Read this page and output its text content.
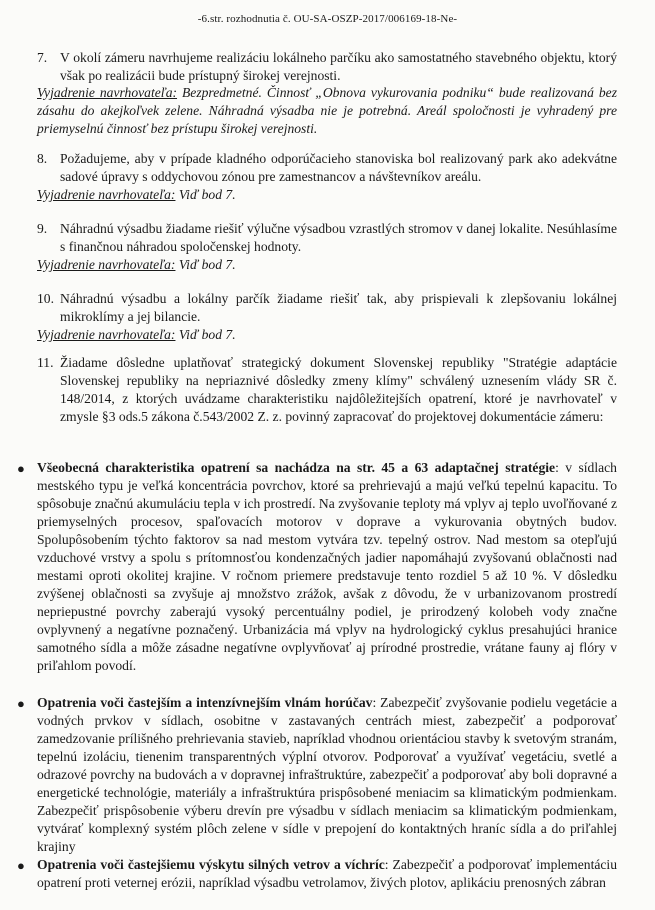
-6.str. rozhodnutia č. OU-SA-OSZP-2017/006169-18-Ne-
7. V okolí zámeru navrhujeme realizáciu lokálneho parčíku ako samostatného stavebného objektu, ktorý však po realizácii bude prístupný širokej verejnosti.
Vyjadrenie navrhovateľa: Bezpredmetné. Činnosť „Obnova vykurovania podniku“ bude realizovaná bez zásahu do akejkoľvek zelene. Náhradná výsadba nie je potrebná. Areál spoločnosti je vyhradený pre priemyselnú činnosť bez prístupu širokej verejnosti.
8. Požadujeme, aby v prípade kladného odporúčacieho stanoviska bol realizovaný park ako adekvátne sadové úpravy s oddychovou zónou pre zamestnancov a návštevníkov areálu.
Vyjadrenie navrhovateľa: Viď bod 7.
9. Náhradnú výsadbu žiadame riešiť výlučne výsadbou vzrastlých stromov v danej lokalite. Nesúhlasíme s finančnou náhradou spoločenskej hodnoty.
Vyjadrenie navrhovateľa: Viď bod 7.
10. Náhradnú výsadbu a lokálny parčík žiadame riešiť tak, aby prispievali k zlepšovaniu lokálnej mikroklímy a jej bilancie.
Vyjadrenie navrhovateľa: Viď bod 7.
11. Žiadame dôsledne uplatňovať strategický dokument Slovenskej republiky "Stratégie adaptácie Slovenskej republiky na nepriaznivé dôsledky zmeny klímy" schválený uznesením vlády SR č. 148/2014, z ktorých uvádzame charakteristiku najdôležitejších opatrení, ktoré je navrhovateľ v zmysle §3 ods.5 zákona č.543/2002 Z. z. povinný zapracovať do projektovej dokumentácie zámeru:
● Všeobecná charakteristika opatrení sa nachádza na str. 45 a 63 adaptačnej stratégie: v sídlach mestského typu je veľká koncentrácia povrchov, ktoré sa prehrievajú a majú veľkú tepelnú kapacitu. To spôsobuje značnú akumuláciu tepla v ich prostredí. Na zvyšovanie teploty má vplyv aj teplo uvoľňované z priemyselných procesov, spaľovacích motorov v doprave a vykurovania obytných budov. Spolupôsobením týchto faktorov sa nad mestom vytvára tzv. tepelný ostrov. Nad mestom sa otepľujú vzduchové vrstvy a spolu s prítomnosťou kondenzačných jadier napomáhajú zvyšovanú oblačnosti nad mestami oproti okolitej krajine. V ročnom priemere predstavuje tento rozdiel 5 až 10 %. V dôsledku zvýšenej oblačnosti sa zvyšuje aj množstvo zrážok, avšak z dôvodu, že v urbanizovanom prostredí nepriepustné povrchy zaberajú vysoký percentuálny podiel, je prirodzený kolobeh vody značne ovplyvnený a negatívne poznačený. Urbanizácia má vplyv na hydrologický cyklus presahujúci hranice samotného sídla a môže zásadne negatívne ovplyvňovať aj prírodné prostredie, vrátane fauny aj flóry v priľahlom povodí.
● Opatrenia voči častejším a intenzívnejším vlnám horúčav: Zabezpečiť zvyšovanie podielu vegetácie a vodných prvkov v sídlach, osobitne v zastavaných centrách miest, zabezpečiť a podporovať zamedzovanie prílišného prehrievania stavieb, napríklad vhodnou orientáciou stavby k svetovým stranám, tepelnú izoláciu, tienenim transparentných výplní otvorov. Podporovať a využívať vegetáciu, svetlé a odrazové povrchy na budovách a v dopravnej infraštruktúre, zabezpečiť a podporovať aby boli dopravné a energetické technológie, materiály a infraštruktúra prispôsobené meniacim sa klimatickým podmienkam. Zabezpečiť prispôsobenie výberu drevín pre výsadbu v sídlach meniacim sa klimatickým podmienkam, vytvárať komplexný systém plôch zelene v sídle v prepojení do kontaktných hraníc sídla a do priľahlej krajiny
● Opatrenia voči častejšiemu výskytu silných vetrov a víchríc: Zabezpečiť a podporovať implementáciu opatrení proti veternej erózii, napríklad výsadbu vetrolamov, živých plotov, aplikáciu prenosných zábran
